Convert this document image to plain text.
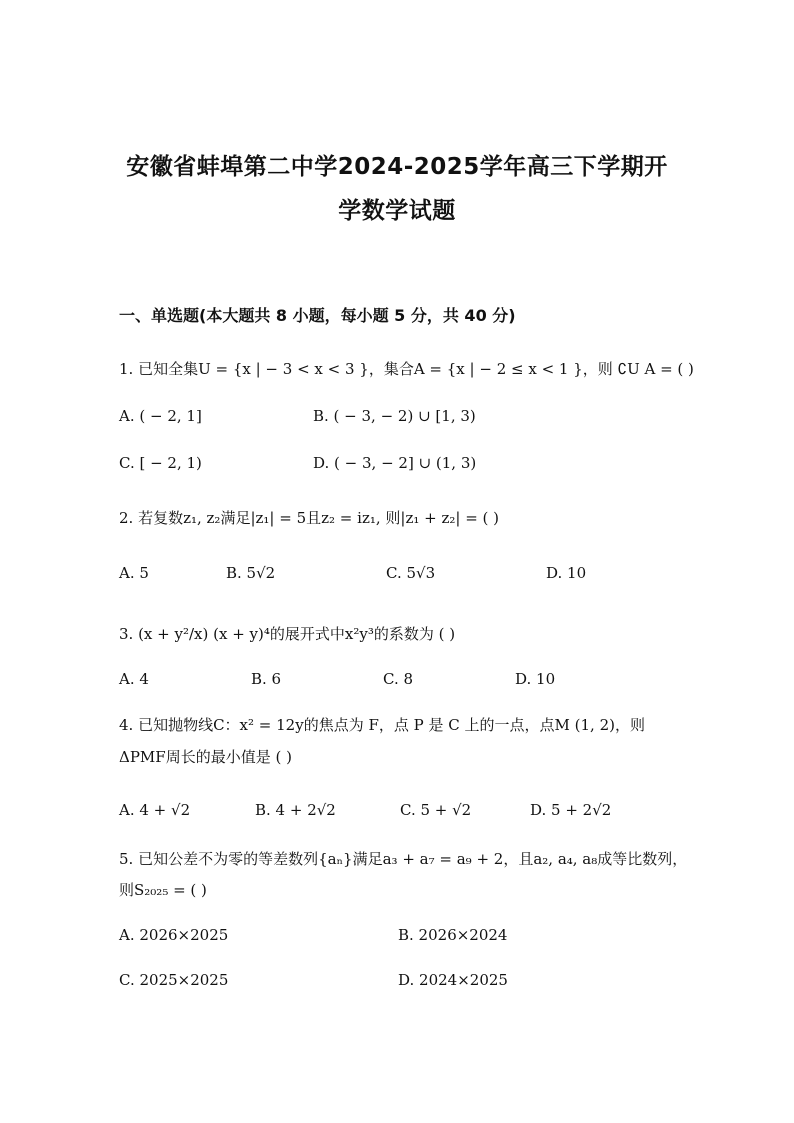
安徽省蚌埠第二中学2024-2025学年高三下学期开
学数学试题
一、单选题(本大题共 8 小题，每小题 5 分，共 40 分)
1. 已知全集U = {x | − 3 < x < 3 }，集合A = {x | − 2 ≤ x < 1 }，则 ∁U A = ( )
A. ( − 2, 1]	B. ( − 3, − 2) ∪ [1, 3)
C. [ − 2, 1)	D. ( − 3, − 2] ∪ (1, 3)
2. 若复数z₁, z₂满足|z₁| = 5且z₂ = iz₁, 则|z₁ + z₂| = ( )
A. 5	B. 5√2	C. 5√3	D. 10
3. (x + y²/x) (x + y)⁴的展开式中x²y³的系数为 ( )
A. 4	B. 6	C. 8	D. 10
4. 已知抛物线C：x² = 12y的焦点为 F，点 P 是 C 上的一点，点M (1, 2)，则
ΔPMF周长的最小值是 ( )
A. 4 + √2	B. 4 + 2√2	C. 5 + √2	D. 5 + 2√2
5. 已知公差不为零的等差数列{aₙ}满足a₃ + a₇ = a₉ + 2，且a₂, a₄, a₈成等比数列，
则S₂₀₂₅ = ( )
A. 2026×2025	B. 2026×2024
C. 2025×2025	D. 2024×2025
